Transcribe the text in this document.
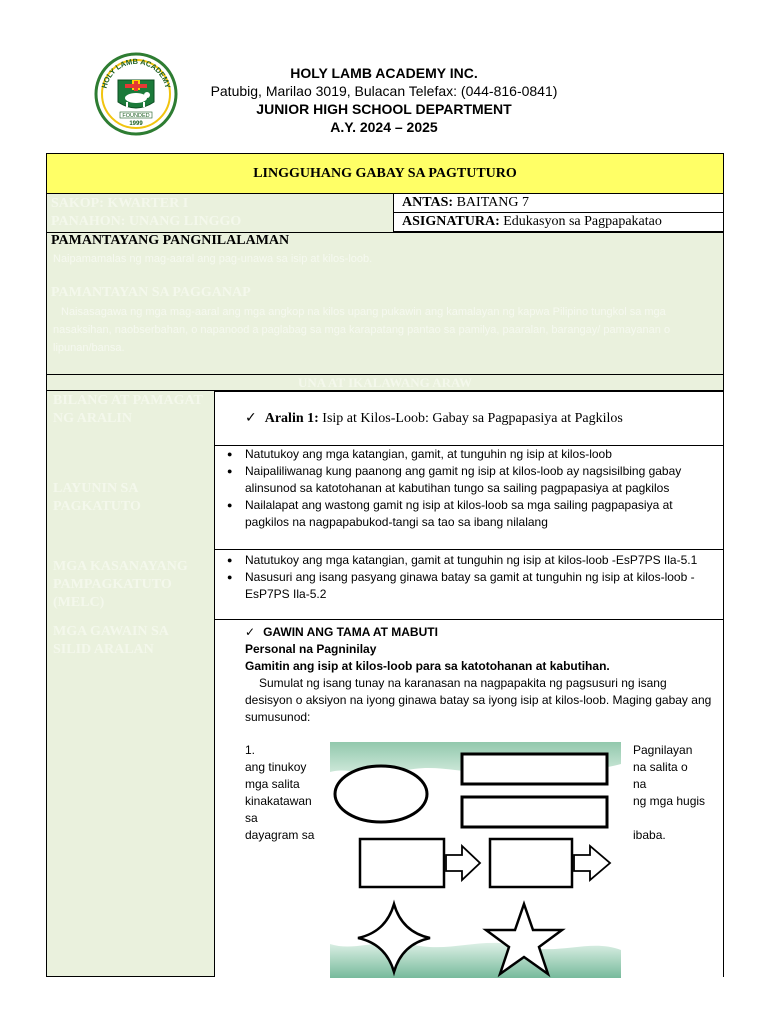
HOLY LAMB ACADEMY
FOUNDED
1999
HOLY LAMB ACADEMY INC.
Patubig, Marilao 3019, Bulacan Telefax: (044-816-0841)
JUNIOR HIGH SCHOOL DEPARTMENT
A.Y. 2024 – 2025
LINGGUHANG GABAY SA PAGTUTURO
SAKOP: KWARTER I
PANAHON: UNANG LINGGO
ANTAS: BAITANG 7
ASIGNATURA: Edukasyon sa Pagpapakatao
PAMANTAYANG PANGNILALAMAN
Naipamamalas ng mag-aaral ang pag-unawa sa isip at kilos-loob.
PAMANTAYAN SA PAGGANAP
Naisasagawa ng mga mag-aaral ang mga angkop na kilos upang pukawin ang kamalayan ng kapwa Pilipino tungkol sa mga nasaksihan, naobserbahan, o napanood a paglabag sa mga karapatang pantao sa pamilya, paaralan, barangay/ pamayanan o lipunan/bansa.
UNA AT IKALAWANG ARAW
BILANG AT PAMAGAT NG ARALIN	✓ Aralin 1: Isip at Kilos-Loob: Gabay sa Pagpapasiya at Pagkilos
LAYUNIN SA PAGKATUTO
● Natutukoy ang mga katangian, gamit, at tunguhin ng isip at kilos-loob
● Naipaliliwanag kung paanong ang gamit ng isip at kilos-loob ay nagsisilbing gabay alinsunod sa katotohanan at kabutihan tungo sa sailing pagpapasiya at pagkilos
● Nailalapat ang wastong gamit ng isip at kilos-loob sa mga sailing pagpapasiya at pagkilos na nagpapabukod-tangi sa tao sa ibang nilalang
MGA KASANAYANG PAMPAGKATUTO (MELC)
● Natutukoy ang mga katangian, gamit at tunguhin ng isip at kilos-loob -EsP7PS Ila-5.1
● Nasusuri ang isang pasyang ginawa batay sa gamit at tunguhin ng isip at kilos-loob - EsP7PS Ila-5.2
MGA GAWAIN SA SILID ARALAN
✓ GAWIN ANG TAMA AT MABUTI
Personal na Pagninilay
Gamitin ang isip at kilos-loob para sa katotohanan at kabutihan.
Sumulat ng isang tunay na karanasan na nagpapakita ng pagsusuri ng isang desisyon o aksiyon na iyong ginawa batay sa iyong isip at kilos-loob. Maging gabay ang sumusunod:
1.
ang tinukoy
mga salita
kinakatawan
sa
dayagram sa
Pagnilayan
na salita o
na
ng mga hugis
ibaba.
